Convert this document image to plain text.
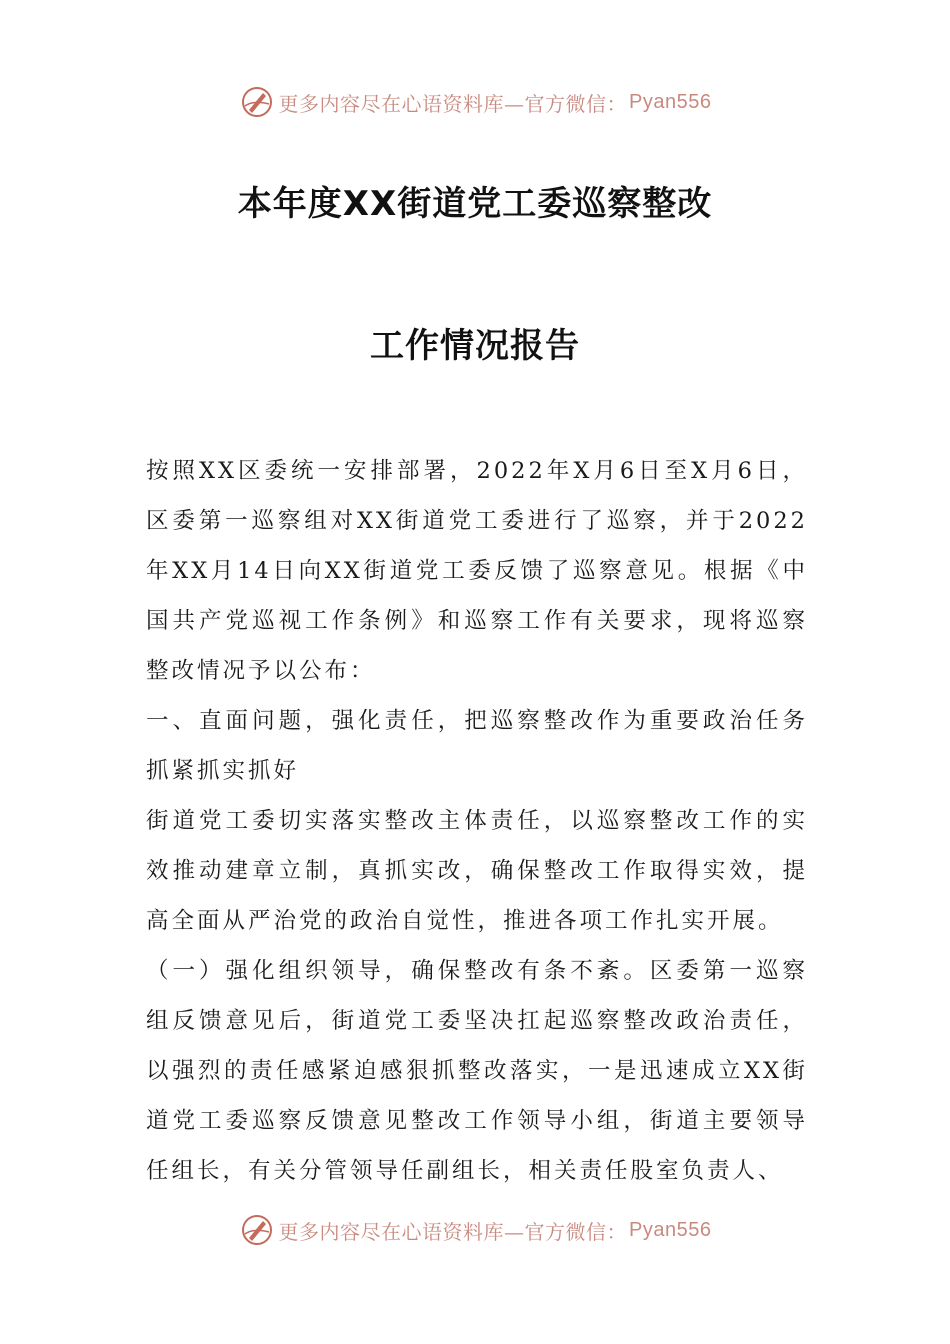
更多内容尽在心语资料库—官方微信： Pyan556
本年度XX街道党工委巡察整改
工作情况报告

按照XX区委统一安排部署，2022年X月6日至X月6日，区委第一巡察组对XX街道党工委进行了巡察，并于2022年XX月14日向XX街道党工委反馈了巡察意见。根据《中国共产党巡视工作条例》和巡察工作有关要求，现将巡察整改情况予以公布：

一、直面问题，强化责任，把巡察整改作为重要政治任务抓紧抓实抓好

街道党工委切实落实整改主体责任，以巡察整改工作的实效推动建章立制，真抓实改，确保整改工作取得实效，提高全面从严治党的政治自觉性，推进各项工作扎实开展。

（一）强化组织领导，确保整改有条不紊。区委第一巡察组反馈意见后，街道党工委坚决扛起巡察整改政治责任，以强烈的责任感紧迫感狠抓整改落实，一是迅速成立XX街道党工委巡察反馈意见整改工作领导小组，街道主要领导任组长，有关分管领导任副组长，相关责任股室负责人、

更多内容尽在心语资料库—官方微信： Pyan556
